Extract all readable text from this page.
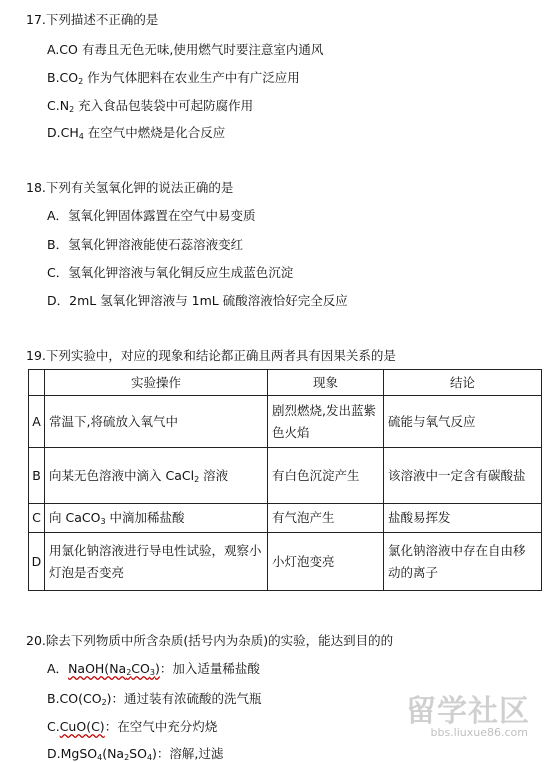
17.下列描述不正确的是
A.CO 有毒且无色无味,使用燃气时要注意室内通风
$B.CO_2$ 作为气体肥料在农业生产中有广泛应用
$C.N_2$ 充入食品包装袋中可起防腐作用
$D.CH_4$ 在空气中燃烧是化合反应
18.下列有关氢氧化钾的说法正确的是
A．氢氧化钾固体露置在空气中易变质
B．氢氧化钾溶液能使石蕊溶液变红
C．氢氧化钾溶液与氧化铜反应生成蓝色沉淀
D．2mL 氢氧化钾溶液与 1mL 硫酸溶液恰好完全反应
19.下列实验中，对应的现象和结论都正确且两者具有因果关系的是
	实验操作	现象	结论
A	常温下,将硫放入氧气中	剧烈燃烧,发出蓝紫色火焰	硫能与氧气反应
B	向某无色溶液中滴入 CaCl$_2$ 溶液	有白色沉淀产生	该溶液中一定含有碳酸盐
C	向 CaCO$_3$ 中滴加稀盐酸	有气泡产生	盐酸易挥发
D	用氯化钠溶液进行导电性试验，观察小灯泡是否变亮	小灯泡变亮	氯化钠溶液中存在自由移动的离子
20.除去下列物质中所含杂质(括号内为杂质)的实验，能达到目的的
A．$NaOH(Na_2CO_3)$：加入适量稀盐酸
$B.CO(CO_2)$：通过装有浓硫酸的洗气瓶
C.CuO(C)：在空气中充分灼烧
$D.MgSO_4(Na_2SO_4)$：溶解,过滤
留学社区
bbs.liuxue86.com
